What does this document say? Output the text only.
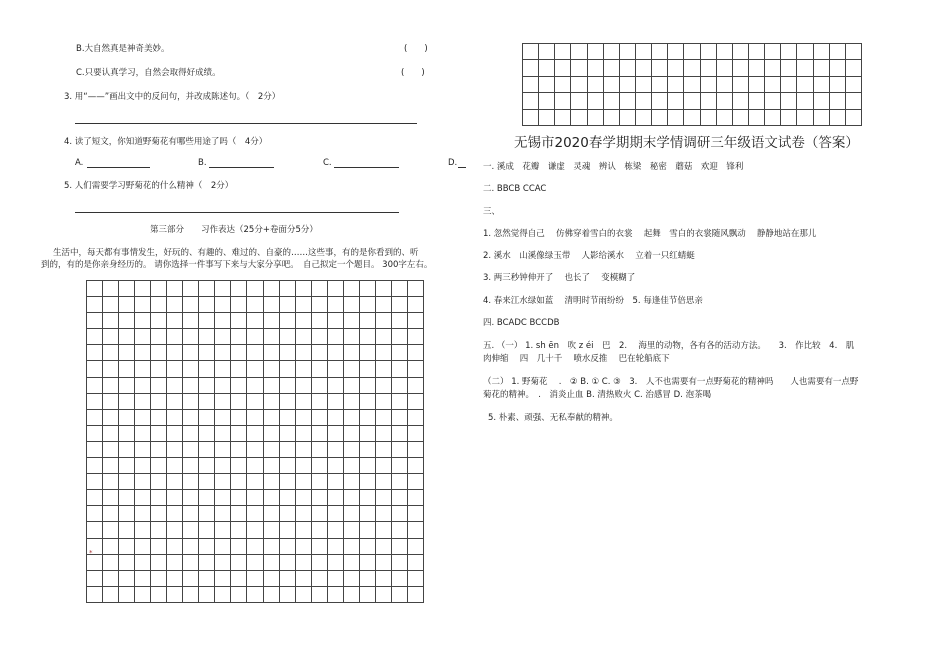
B.大自然真是神奇美妙。	(　　)
C.只要认真学习，自然会取得好成绩。	(　　)
3. 用“——”画出文中的反问句，并改成陈述句。（　2分）
4. 读了短文，你知道野菊花有哪些用途了吗（　4分）
A.	B.	C.	D.
5. 人们需要学习野菊花的什么精神（　2分）
第三部分　　习作表达（25分+卷面分5分）
生活中，每天都有事情发生，好玩的、有趣的、难过的、自豪的……这些事，有的是你看到的、听
到的，有的是你亲身经历的。 请你选择一件事写下来与大家分享吧。　自己拟定一个题目。 300字左右。

*

无锡市2020春学期期末学情调研三年级语文试卷（答案）
一. 溪成　花瓣　谦虚　灵魂　辨认　栋梁　秘密　蘑菇　欢迎　锋利
二. BBCB CCAC
三、
1. 忽然觉得自己　 仿佛穿着雪白的衣裳　 起舞　雪白的衣裳随风飘动　 静静地站在那儿
2. 溪水　山溪像绿玉带　 人影给溪水　 立着一只红蜻蜓
3. 两三秒钟伸开了　 也长了　 变模糊了
4. 春来江水绿如蓝　 清明时节雨纷纷　5. 每逢佳节倍思亲
四. BCADC BCCDB
五. （一） 1. sh ēn　吹 z éi　巴　2.　 海里的动物，各有各的活动方法。　　3.　作比较　4.　肌
肉伸缩　 四　几十千　 喷水反推　 巴在轮船底下
（二） 1. 野菊花　 .　② B. ① C. ③　3.　人不也需要有一点野菊花的精神吗　　人也需要有一点野
菊花的精神。　.　消炎止血 B. 清热败火 C. 治感冒 D. 泡茶喝
5. 朴素、顽强、无私奉献的精神。
